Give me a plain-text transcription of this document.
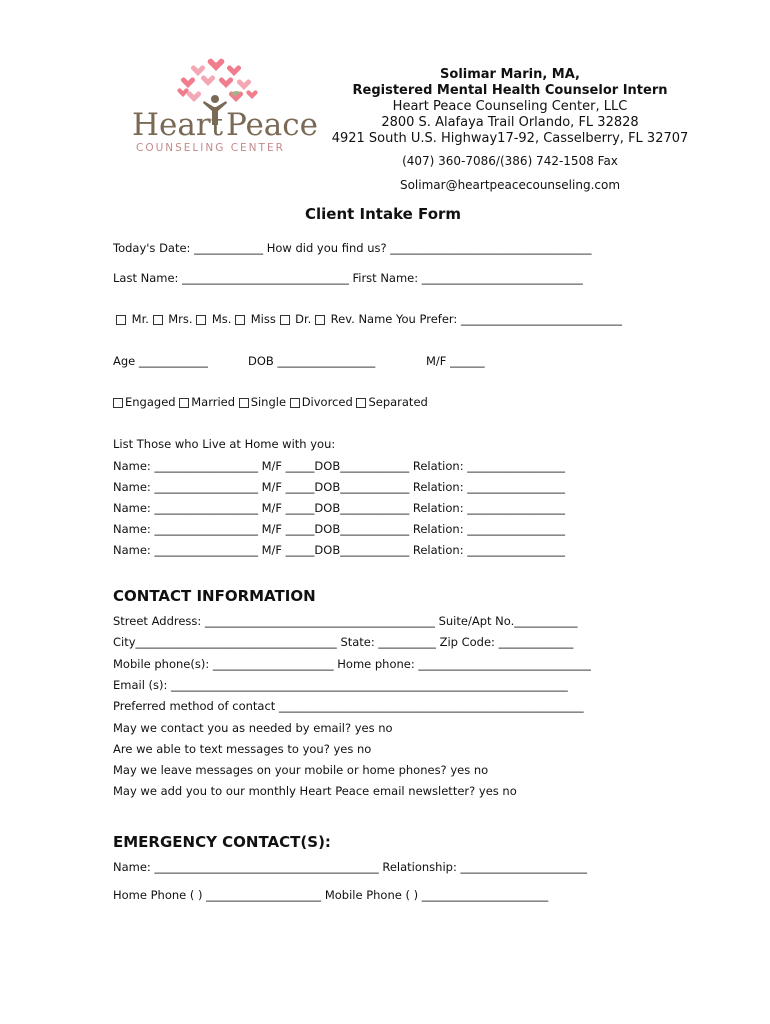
Heart Peace
COUNSELING CENTER
Solimar Marin, MA,
Registered Mental Health Counselor Intern
Heart Peace Counseling Center, LLC
2800 S. Alafaya Trail Orlando, FL 32828
4921 South U.S. Highway17-92, Casselberry, FL 32707
(407) 360-7086/(386) 742-1508 Fax
Solimar@heartpeacecounseling.com
Client Intake Form
Today's Date: ____________ How did you find us? ___________________________________
Last Name: _____________________________ First Name: ____________________________
Mr. Mrs. Ms. Miss Dr. Rev. Name You Prefer: ____________________________
Age ____________	DOB _________________	M/F ______
Engaged Married Single Divorced Separated
List Those who Live at Home with you:
Name: __________________ M/F _____DOB____________ Relation: _________________
Name: __________________ M/F _____DOB____________ Relation: _________________
Name: __________________ M/F _____DOB____________ Relation: _________________
Name: __________________ M/F _____DOB____________ Relation: _________________
Name: __________________ M/F _____DOB____________ Relation: _________________
CONTACT INFORMATION
Street Address: ________________________________________ Suite/Apt No.___________
City___________________________________ State: __________ Zip Code: _____________
Mobile phone(s): _____________________ Home phone: ______________________________
Email (s): _____________________________________________________________________
Preferred method of contact _____________________________________________________
May we contact you as needed by email? yes no
Are we able to text messages to you? yes no
May we leave messages on your mobile or home phones? yes no
May we add you to our monthly Heart Peace email newsletter? yes no
EMERGENCY CONTACT(S):
Name: _______________________________________ Relationship: ______________________
Home Phone ( ) ____________________ Mobile Phone ( ) ______________________
